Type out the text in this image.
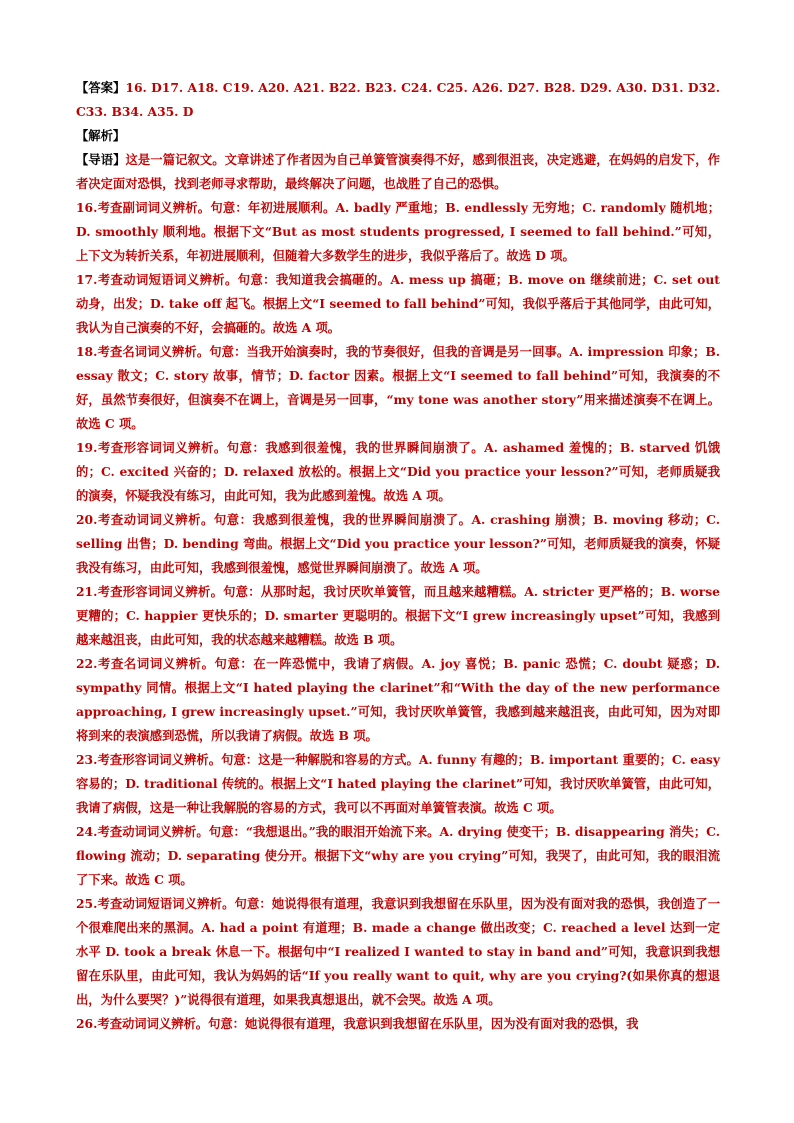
【答案】16. D17. A18. C19. A20. A21. B22. B23. C24. C25. A26. D27. B28. D29. A30. D31. D32. C33. B34. A35. D

【解析】

【导语】这是一篇记叙文。文章讲述了作者因为自己单簧管演奏得不好，感到很沮丧，决定逃避，在妈妈的启发下，作者决定面对恐惧，找到老师寻求帮助，最终解决了问题，也战胜了自己的恐惧。

16.考查副词词义辨析。句意：年初进展顺利。A. badly 严重地；B. endlessly 无穷地；C. randomly 随机地；D. smoothly 顺利地。根据下文“But as most students progressed, I seemed to fall behind.”可知，上下文为转折关系，年初进展顺利，但随着大多数学生的进步，我似乎落后了。故选 D 项。

17.考查动词短语词义辨析。句意：我知道我会搞砸的。A. mess up 搞砸；B. move on 继续前进；C. set out 动身，出发；D. take off 起飞。根据上文“I seemed to fall behind”可知，我似乎落后于其他同学，由此可知，我认为自己演奏的不好，会搞砸的。故选 A 项。

18.考查名词词义辨析。句意：当我开始演奏时，我的节奏很好，但我的音调是另一回事。A. impression 印象；B. essay 散文；C. story 故事，情节；D. factor 因素。根据上文“I seemed to fall behind”可知，我演奏的不好，虽然节奏很好，但演奏不在调上，音调是另一回事，“my tone was another story”用来描述演奏不在调上。故选 C 项。

19.考查形容词词义辨析。句意：我感到很羞愧，我的世界瞬间崩溃了。A. ashamed 羞愧的；B. starved 饥饿的；C. excited 兴奋的；D. relaxed 放松的。根据上文“Did you practice your lesson?”可知，老师质疑我的演奏，怀疑我没有练习，由此可知，我为此感到羞愧。故选 A 项。

20.考查动词词义辨析。句意：我感到很羞愧，我的世界瞬间崩溃了。A. crashing 崩溃；B. moving 移动；C. selling 出售；D. bending 弯曲。根据上文“Did you practice your lesson?”可知，老师质疑我的演奏，怀疑我没有练习，由此可知，我感到很羞愧，感觉世界瞬间崩溃了。故选 A 项。

21.考查形容词词义辨析。句意：从那时起，我讨厌吹单簧管，而且越来越糟糕。A. stricter 更严格的；B. worse 更糟的；C. happier 更快乐的；D. smarter 更聪明的。根据下文“I grew increasingly upset”可知，我感到越来越沮丧，由此可知，我的状态越来越糟糕。故选 B 项。

22.考查名词词义辨析。句意：在一阵恐慌中，我请了病假。A. joy 喜悦；B. panic 恐慌；C. doubt 疑惑；D. sympathy 同情。根据上文“I hated playing the clarinet”和“With the day of the new performance approaching, I grew increasingly upset.”可知，我讨厌吹单簧管，我感到越来越沮丧，由此可知，因为对即将到来的表演感到恐慌，所以我请了病假。故选 B 项。

23.考查形容词词义辨析。句意：这是一种解脱和容易的方式。A. funny 有趣的；B. important 重要的；C. easy 容易的；D. traditional 传统的。根据上文“I hated playing the clarinet”可知，我讨厌吹单簧管，由此可知，我请了病假，这是一种让我解脱的容易的方式，我可以不再面对单簧管表演。故选 C 项。

24.考查动词词义辨析。句意：“我想退出。”我的眼泪开始流下来。A. drying 使变干；B. disappearing 消失；C. flowing 流动；D. separating 使分开。根据下文“why are you crying”可知，我哭了，由此可知，我的眼泪流了下来。故选 C 项。

25.考查动词短语词义辨析。句意：她说得很有道理，我意识到我想留在乐队里，因为没有面对我的恐惧，我创造了一个很难爬出来的黑洞。A. had a point 有道理；B. made a change 做出改变；C. reached a level 达到一定水平 D. took a break 休息一下。根据句中“I realized I wanted to stay in band and”可知，我意识到我想留在乐队里，由此可知，我认为妈妈的话“If you really want to quit, why are you crying?(如果你真的想退出，为什么要哭？)”说得很有道理，如果我真想退出，就不会哭。故选 A 项。

26.考查动词词义辨析。句意：她说得很有道理，我意识到我想留在乐队里，因为没有面对我的恐惧，我
